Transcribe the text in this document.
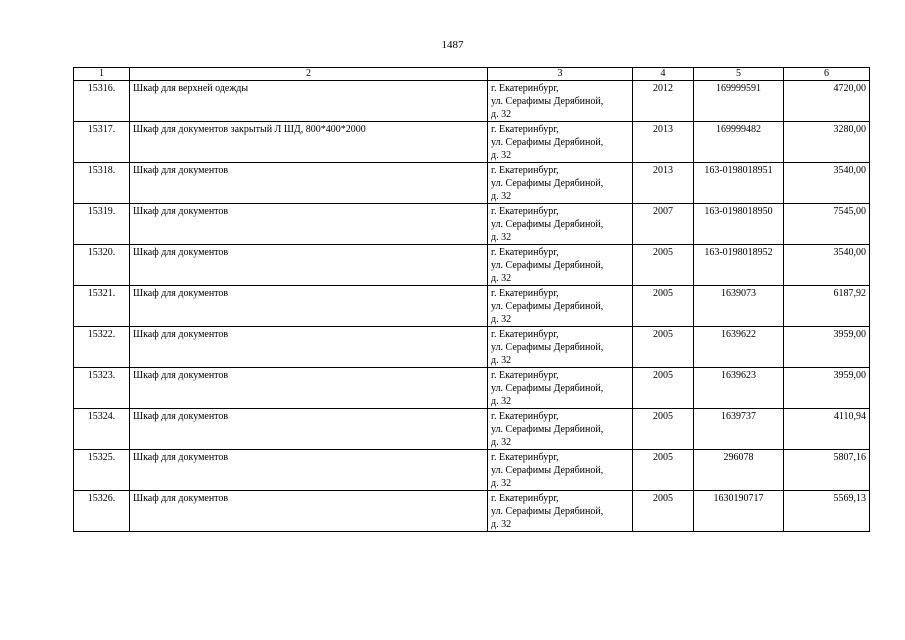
1487
1	2	3	4	5	6
15316.	Шкаф для верхней одежды	г. Екатеринбург,
ул. Серафимы Дерябиной,
д. 32	2012	169999591	4720,00
15317.	Шкаф для документов закрытый Л ШД, 800*400*2000	г. Екатеринбург,
ул. Серафимы Дерябиной,
д. 32	2013	169999482	3280,00
15318.	Шкаф для документов	г. Екатеринбург,
ул. Серафимы Дерябиной,
д. 32	2013	163-0198018951	3540,00
15319.	Шкаф для документов	г. Екатеринбург,
ул. Серафимы Дерябиной,
д. 32	2007	163-0198018950	7545,00
15320.	Шкаф для документов	г. Екатеринбург,
ул. Серафимы Дерябиной,
д. 32	2005	163-0198018952	3540,00
15321.	Шкаф для документов	г. Екатеринбург,
ул. Серафимы Дерябиной,
д. 32	2005	1639073	6187,92
15322.	Шкаф для документов	г. Екатеринбург,
ул. Серафимы Дерябиной,
д. 32	2005	1639622	3959,00
15323.	Шкаф для документов	г. Екатеринбург,
ул. Серафимы Дерябиной,
д. 32	2005	1639623	3959,00
15324.	Шкаф для документов	г. Екатеринбург,
ул. Серафимы Дерябиной,
д. 32	2005	1639737	4110,94
15325.	Шкаф для документов	г. Екатеринбург,
ул. Серафимы Дерябиной,
д. 32	2005	296078	5807,16
15326.	Шкаф для документов	г. Екатеринбург,
ул. Серафимы Дерябиной,
д. 32	2005	1630190717	5569,13
